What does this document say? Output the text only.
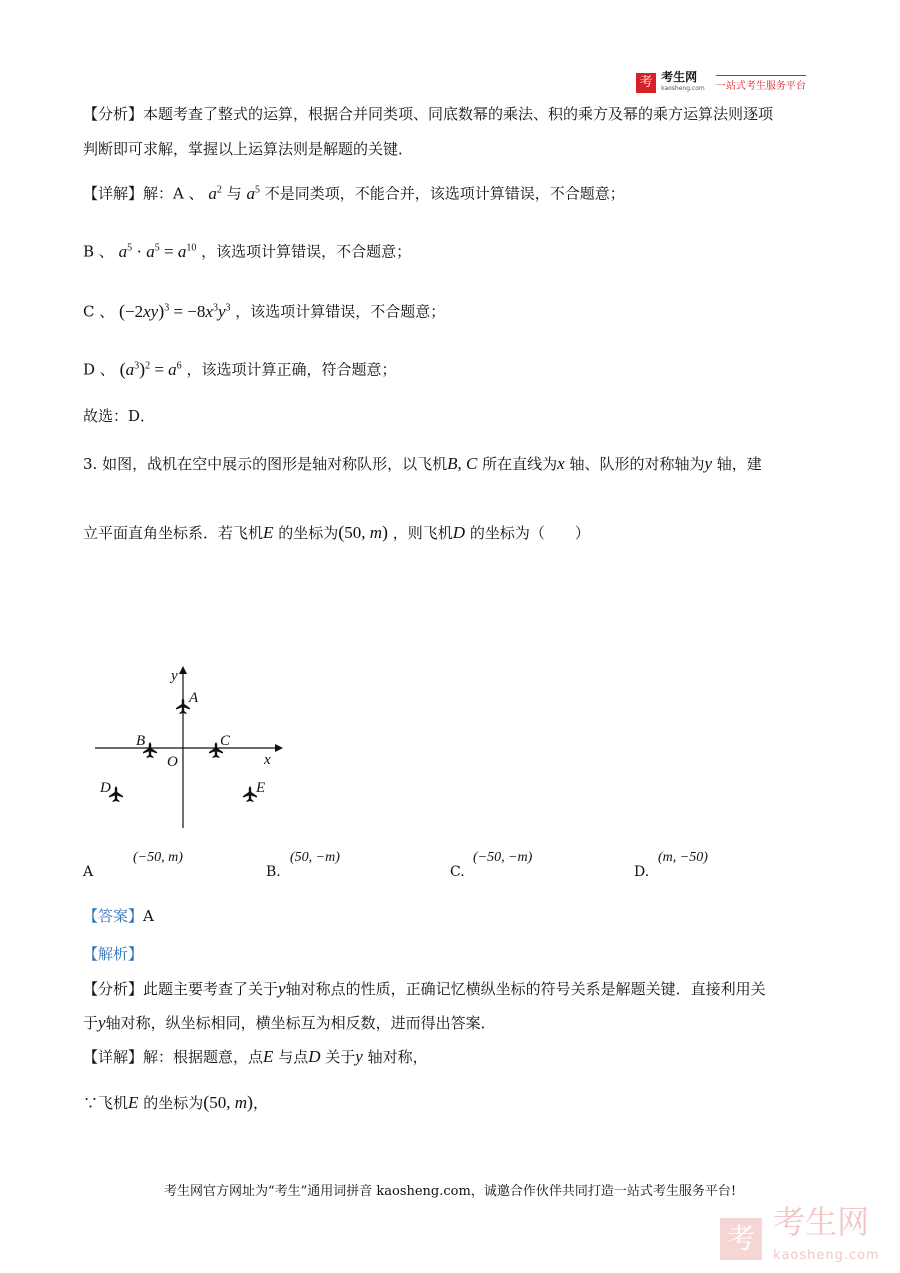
考 考生网
kaosheng.com 一站式考生服务平台
【分析】本题考查了整式的运算，根据合并同类项、同底数幂的乘法、积的乘方及幂的乘方运算法则逐项
判断即可求解，掌握以上运算法则是解题的关键．
【详解】解：A 、 $a^2$ 与 $a^5$ 不是同类项，不能合并，该选项计算错误，不合题意；
B 、 $a^5 \cdot a^5 = a^{10}$ ，该选项计算错误，不合题意；
C 、 $(-2xy)^3 = -8x^3y^3$ ，该选项计算错误，不合题意；
D 、 $(a^3)^2 = a^6$ ，该选项计算正确，符合题意；
故选：D．
3. 如图，战机在空中展示的图形是轴对称队形，以飞机B, C 所在直线为x 轴、队形的对称轴为y 轴，建
立平面直角坐标系．若飞机E 的坐标为(50, m) ，则飞机D 的坐标为（　　）
y
A
B	C
O	x
D	E
A
(−50, m)
B.
(50, −m)
C.
(−50, −m)
D.
(m, −50)
【答案】A
【解析】
【分析】此题主要考查了关于y轴对称点的性质，正确记忆横纵坐标的符号关系是解题关键．直接利用关
于y轴对称，纵坐标相同，横坐标互为相反数，进而得出答案．
【详解】解：根据题意，点E 与点D 关于y 轴对称，
∵飞机E 的坐标为(50, m)，
考生网官方网址为“考生”通用词拼音 kaosheng.com，诚邀合作伙伴共同打造一站式考生服务平台!
考 考生网
kaosheng.com
